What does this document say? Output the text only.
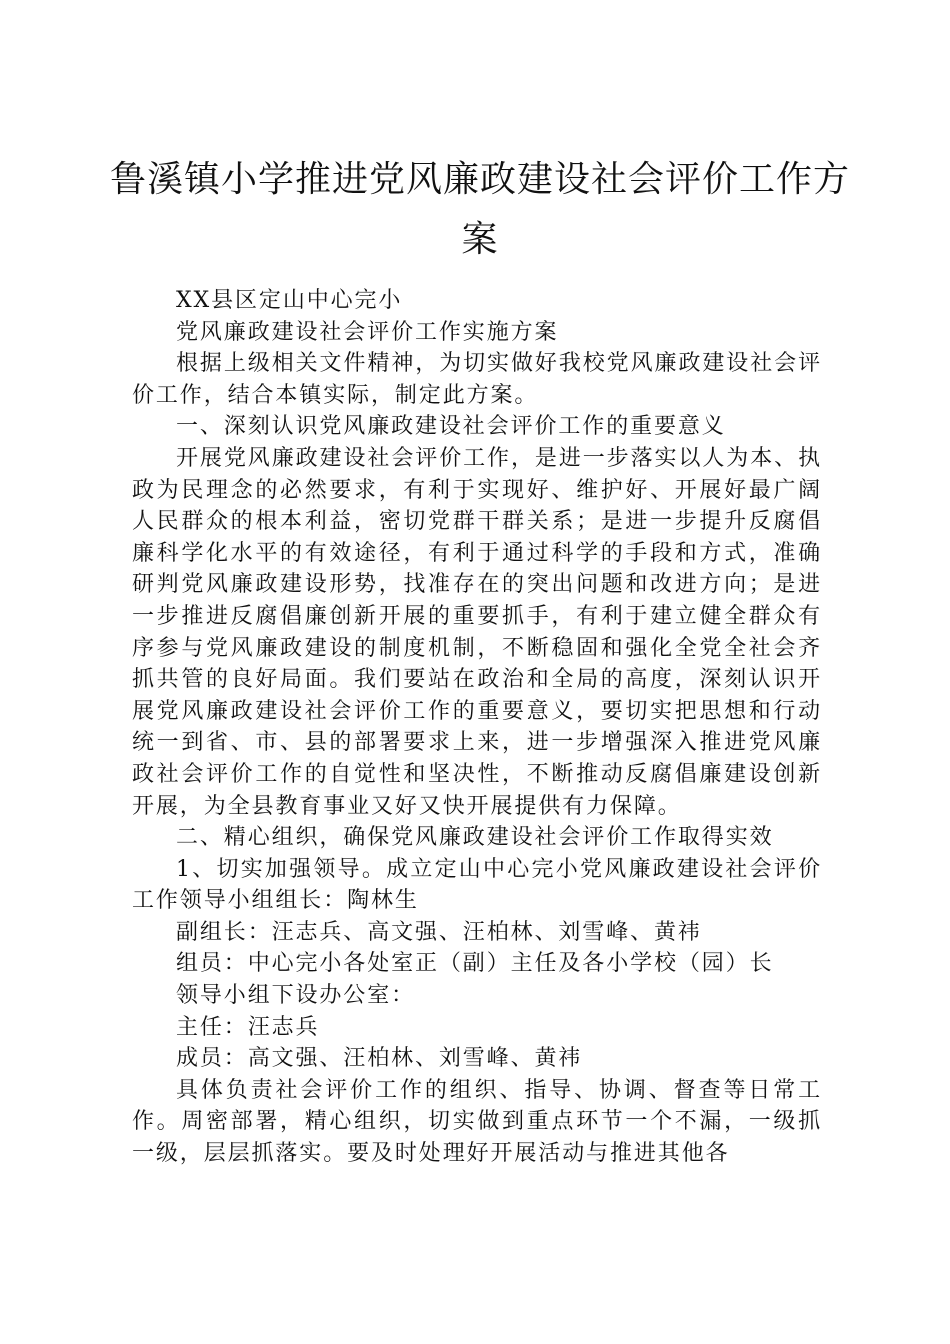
鲁溪镇小学推进党风廉政建设社会评价工作方案

XX县区定山中心完小

党风廉政建设社会评价工作实施方案

根据上级相关文件精神，为切实做好我校党风廉政建设社会评价工作，结合本镇实际，制定此方案。

一、深刻认识党风廉政建设社会评价工作的重要意义

开展党风廉政建设社会评价工作，是进一步落实以人为本、执政为民理念的必然要求，有利于实现好、维护好、开展好最广阔人民群众的根本利益，密切党群干群关系；是进一步提升反腐倡廉科学化水平的有效途径，有利于通过科学的手段和方式，准确研判党风廉政建设形势，找准存在的突出问题和改进方向；是进一步推进反腐倡廉创新开展的重要抓手，有利于建立健全群众有序参与党风廉政建设的制度机制，不断稳固和强化全党全社会齐抓共管的良好局面。我们要站在政治和全局的高度，深刻认识开展党风廉政建设社会评价工作的重要意义，要切实把思想和行动统一到省、市、县的部署要求上来，进一步增强深入推进党风廉政社会评价工作的自觉性和坚决性，不断推动反腐倡廉建设创新开展，为全县教育事业又好又快开展提供有力保障。

二、精心组织，确保党风廉政建设社会评价工作取得实效

1、切实加强领导。成立定山中心完小党风廉政建设社会评价工作领导小组组长：陶林生

副组长：汪志兵、高文强、汪柏林、刘雪峰、黄祎

组员：中心完小各处室正（副）主任及各小学校（园）长

领导小组下设办公室：

主任：汪志兵

成员：高文强、汪柏林、刘雪峰、黄祎

具体负责社会评价工作的组织、指导、协调、督查等日常工作。周密部署，精心组织，切实做到重点环节一个不漏，一级抓一级，层层抓落实。要及时处理好开展活动与推进其他各
